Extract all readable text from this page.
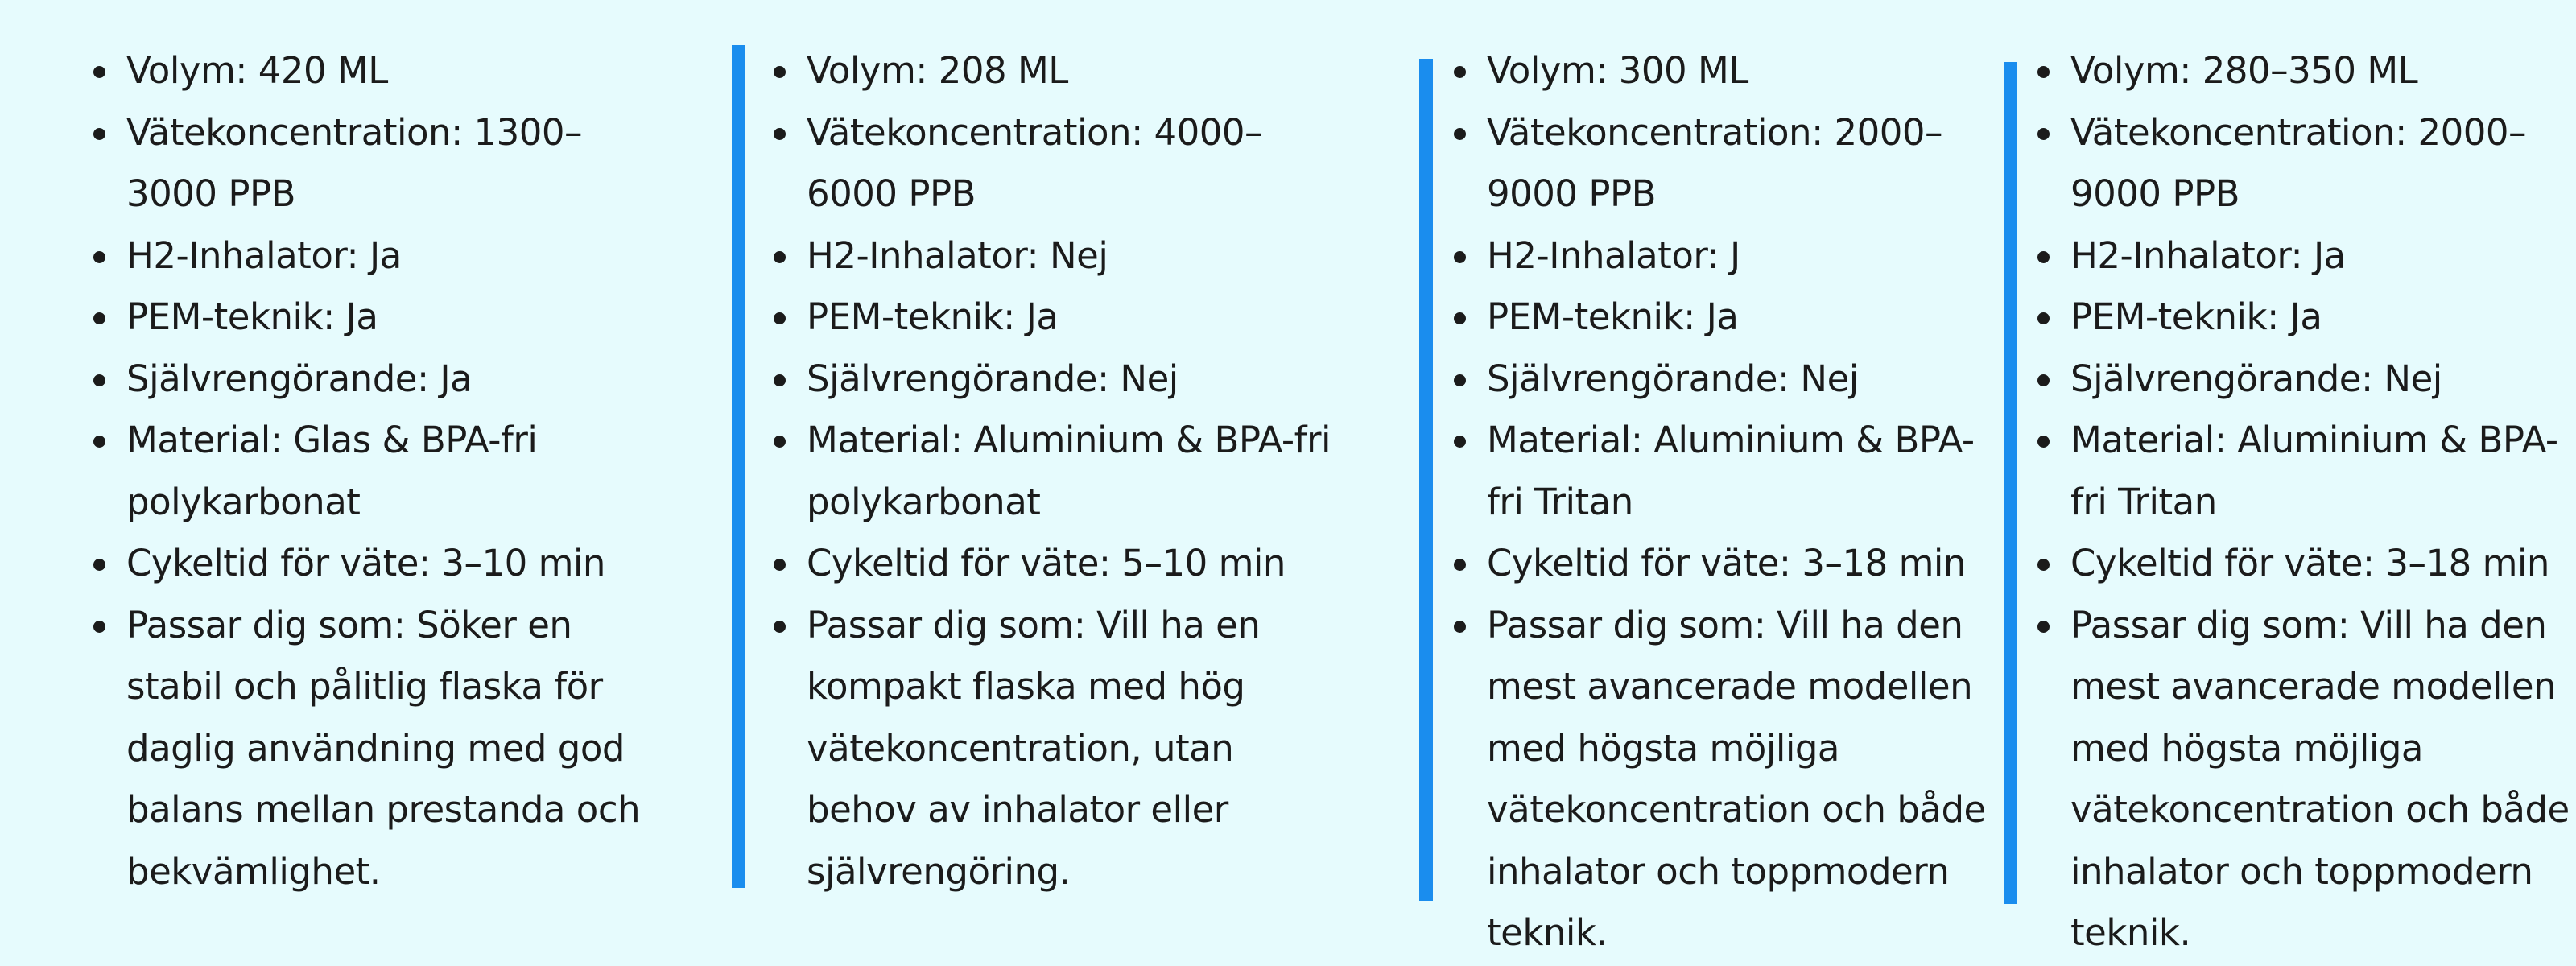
Volym: 420 ML
Vätekoncentration: 1300–3000 PPB
H2-Inhalator: Ja
PEM-teknik: Ja
Självrengörande: Ja
Material: Glas & BPA-fri polykarbonat
Cykeltid för väte: 3–10 min
Passar dig som: Söker en stabil och pålitlig flaska för daglig användning med god balans mellan prestanda och bekvämlighet.
Volym: 208 ML
Vätekoncentration: 4000–6000 PPB
H2-Inhalator: Nej
PEM-teknik: Ja
Självrengörande: Nej
Material: Aluminium & BPA-fri polykarbonat
Cykeltid för väte: 5–10 min
Passar dig som: Vill ha en kompakt flaska med hög vätekoncentration, utan behov av inhalator eller självrengöring.
Volym: 300 ML
Vätekoncentration: 2000–9000 PPB
H2-Inhalator: J
PEM-teknik: Ja
Självrengörande: Nej
Material: Aluminium & BPA-fri Tritan
Cykeltid för väte: 3–18 min
Passar dig som: Vill ha den mest avancerade modellen med högsta möjliga vätekoncentration och både inhalator och toppmodern teknik.
Volym: 280–350 ML
Vätekoncentration: 2000–9000 PPB
H2-Inhalator: Ja
PEM-teknik: Ja
Självrengörande: Nej
Material: Aluminium & BPA-fri Tritan
Cykeltid för väte: 3–18 min
Passar dig som: Vill ha den mest avancerade modellen med högsta möjliga vätekoncentration och både inhalator och toppmodern teknik.
